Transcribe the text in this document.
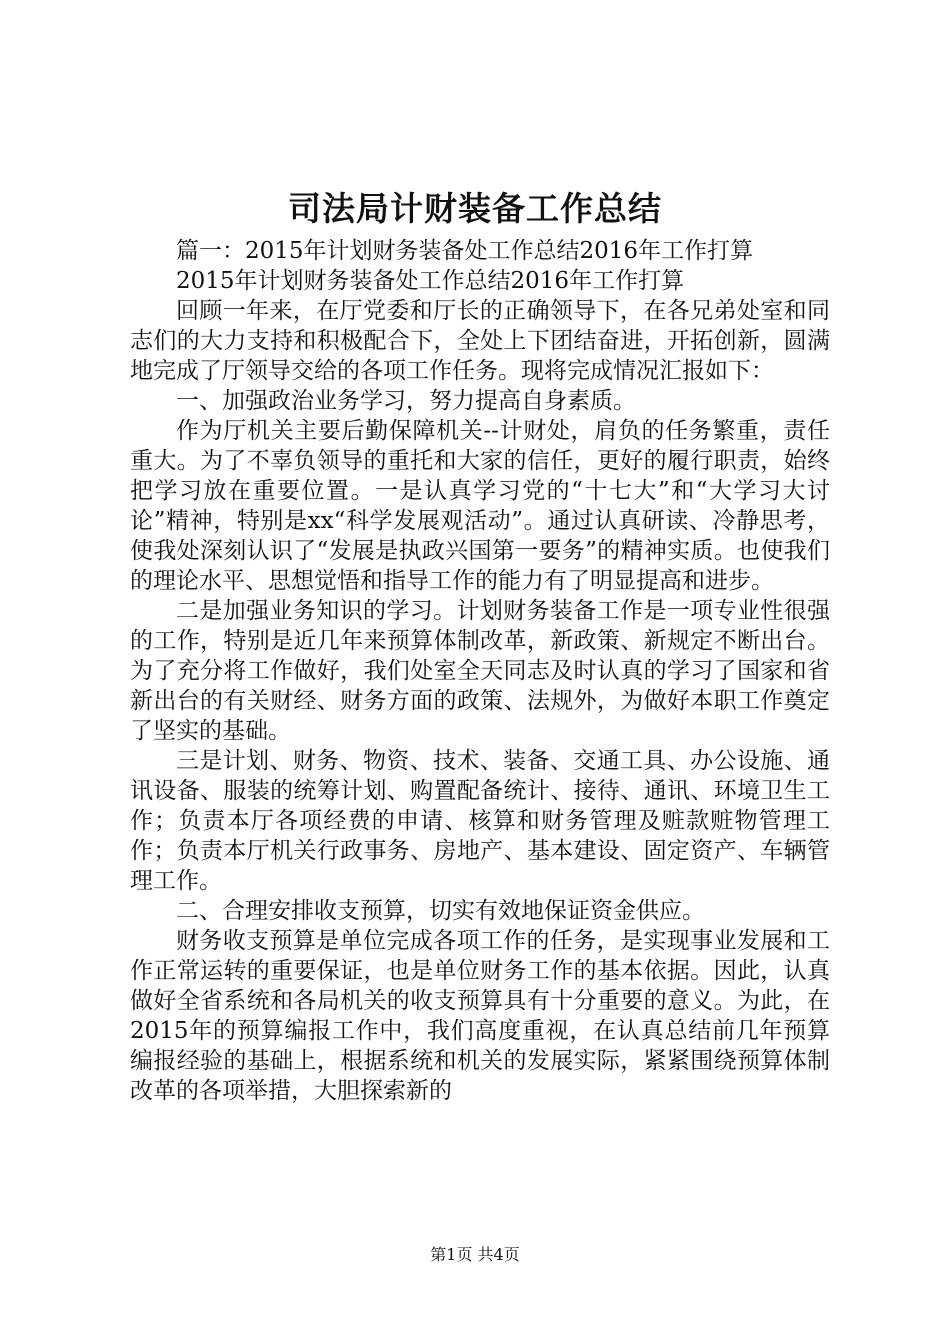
司法局计财装备工作总结

篇一：2015年计划财务装备处工作总结2016年工作打算

2015年计划财务装备处工作总结2016年工作打算

回顾一年来，在厅党委和厅长的正确领导下，在各兄弟处室和同志们的大力支持和积极配合下，全处上下团结奋进，开拓创新，圆满地完成了厅领导交给的各项工作任务。现将完成情况汇报如下：

一、加强政治业务学习，努力提高自身素质。

作为厅机关主要后勤保障机关--计财处，肩负的任务繁重，责任重大。为了不辜负领导的重托和大家的信任，更好的履行职责，始终把学习放在重要位置。一是认真学习党的“十七大”和“大学习大讨论”精神，特别是xx“科学发展观活动”。通过认真研读、冷静思考，使我处深刻认识了“发展是执政兴国第一要务”的精神实质。也使我们的理论水平、思想觉悟和指导工作的能力有了明显提高和进步。

二是加强业务知识的学习。计划财务装备工作是一项专业性很强的工作，特别是近几年来预算体制改革，新政策、新规定不断出台。为了充分将工作做好，我们处室全天同志及时认真的学习了国家和省新出台的有关财经、财务方面的政策、法规外，为做好本职工作奠定了坚实的基础。

三是计划、财务、物资、技术、装备、交通工具、办公设施、通讯设备、服装的统筹计划、购置配备统计、接待、通讯、环境卫生工作；负责本厅各项经费的申请、核算和财务管理及赃款赃物管理工作；负责本厅机关行政事务、房地产、基本建设、固定资产、车辆管理工作。

二、合理安排收支预算，切实有效地保证资金供应。

财务收支预算是单位完成各项工作的任务，是实现事业发展和工作正常运转的重要保证，也是单位财务工作的基本依据。因此，认真做好全省系统和各局机关的收支预算具有十分重要的意义。为此，在2015年的预算编报工作中，我们高度重视，在认真总结前几年预算编报经验的基础上，根据系统和机关的发展实际，紧紧围绕预算体制改革的各项举措，大胆探索新的

第1页 共4页
